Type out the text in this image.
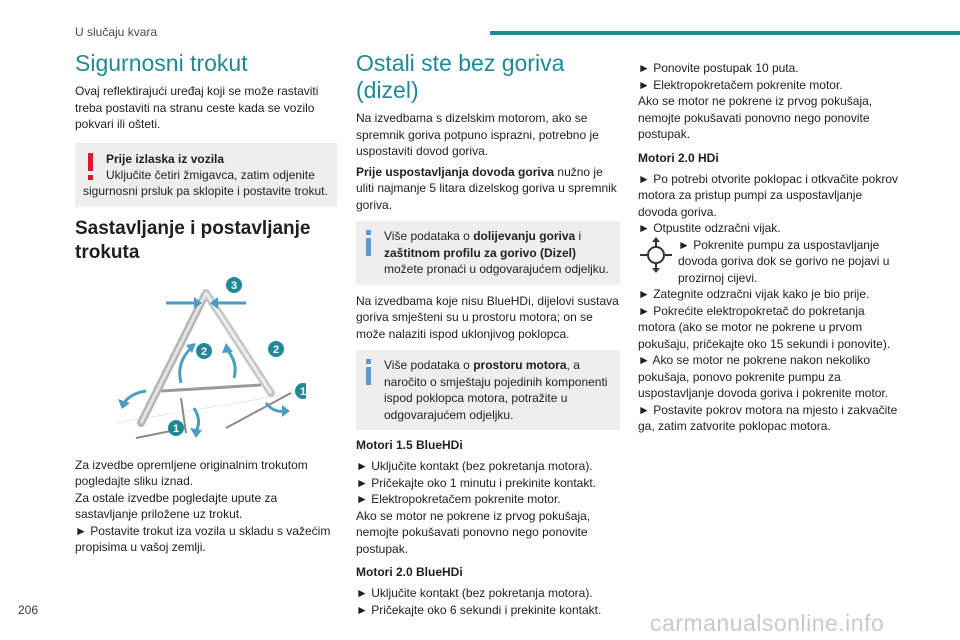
U slučaju kvara
Sigurnosni trokut

Ovaj reflektirajući uređaj koji se može rastaviti treba postaviti na stranu ceste kada se vozilo pokvari ili ošteti.

Prije izlaska iz vozila
Uključite četiri žmigavca, zatim odjenite
sigurnosni prsluk pa sklopite i postavite trokut.
Sastavljanje i postavljanje trokuta
3
2	2
1
1

Za izvedbe opremljene originalnim trokutom pogledajte sliku iznad.

Za ostale izvedbe pogledajte upute za sastavljanje priložene uz trokut.

► Postavite trokut iza vozila u skladu s važećim propisima u vašoj zemlji.

Ostali ste bez goriva (dizel)

Na izvedbama s dizelskim motorom, ako se spremnik goriva potpuno isprazni, potrebno je uspostaviti dovod goriva.

Prije uspostavljanja dovoda goriva nužno je uliti najmanje 5 litara dizelskog goriva u spremnik goriva.

Više podataka o dolijevanju goriva i zaštitnom profilu za gorivo (Dizel) možete pronaći u odgovarajućem odjeljku.

Na izvedbama koje nisu BlueHDi, dijelovi sustava goriva smješteni su u prostoru motora; on se može nalaziti ispod uklonjivog poklopca.

Više podataka o prostoru motora, a naročito o smještaju pojedinih komponenti ispod poklopca motora, potražite u odgovarajućem odjeljku.
Motori 1.5 BlueHDi

► Uključite kontakt (bez pokretanja motora).

► Pričekajte oko 1 minutu i prekinite kontakt.

► Elektropokretačem pokrenite motor.

Ako se motor ne pokrene iz prvog pokušaja, nemojte pokušavati ponovno nego ponovite postupak.

Motori 2.0 BlueHDi

► Uključite kontakt (bez pokretanja motora).

► Pričekajte oko 6 sekundi i prekinite kontakt.

► Ponovite postupak 10 puta.

► Elektropokretačem pokrenite motor.

Ako se motor ne pokrene iz prvog pokušaja, nemojte pokušavati ponovno nego ponovite postupak.

Motori 2.0 HDi

► Po potrebi otvorite poklopac i otkvačite pokrov motora za pristup pumpi za uspostavljanje dovoda goriva.

► Otpustite odzračni vijak.

► Pokrenite pumpu za uspostavljanje dovoda goriva dok se gorivo ne pojavi u prozirnoj cijevi.

► Zategnite odzračni vijak kako je bio prije.

► Pokrećite elektropokretač do pokretanja motora (ako se motor ne pokrene u prvom pokušaju, pričekajte oko 15 sekundi i ponovite).

► Ako se motor ne pokrene nakon nekoliko pokušaja, ponovo pokrenite pumpu za uspostavljanje dovoda goriva i pokrenite motor.

► Postavite pokrov motora na mjesto i zakvačite ga, zatim zatvorite poklopac motora.

206	carmanualsonline.info
